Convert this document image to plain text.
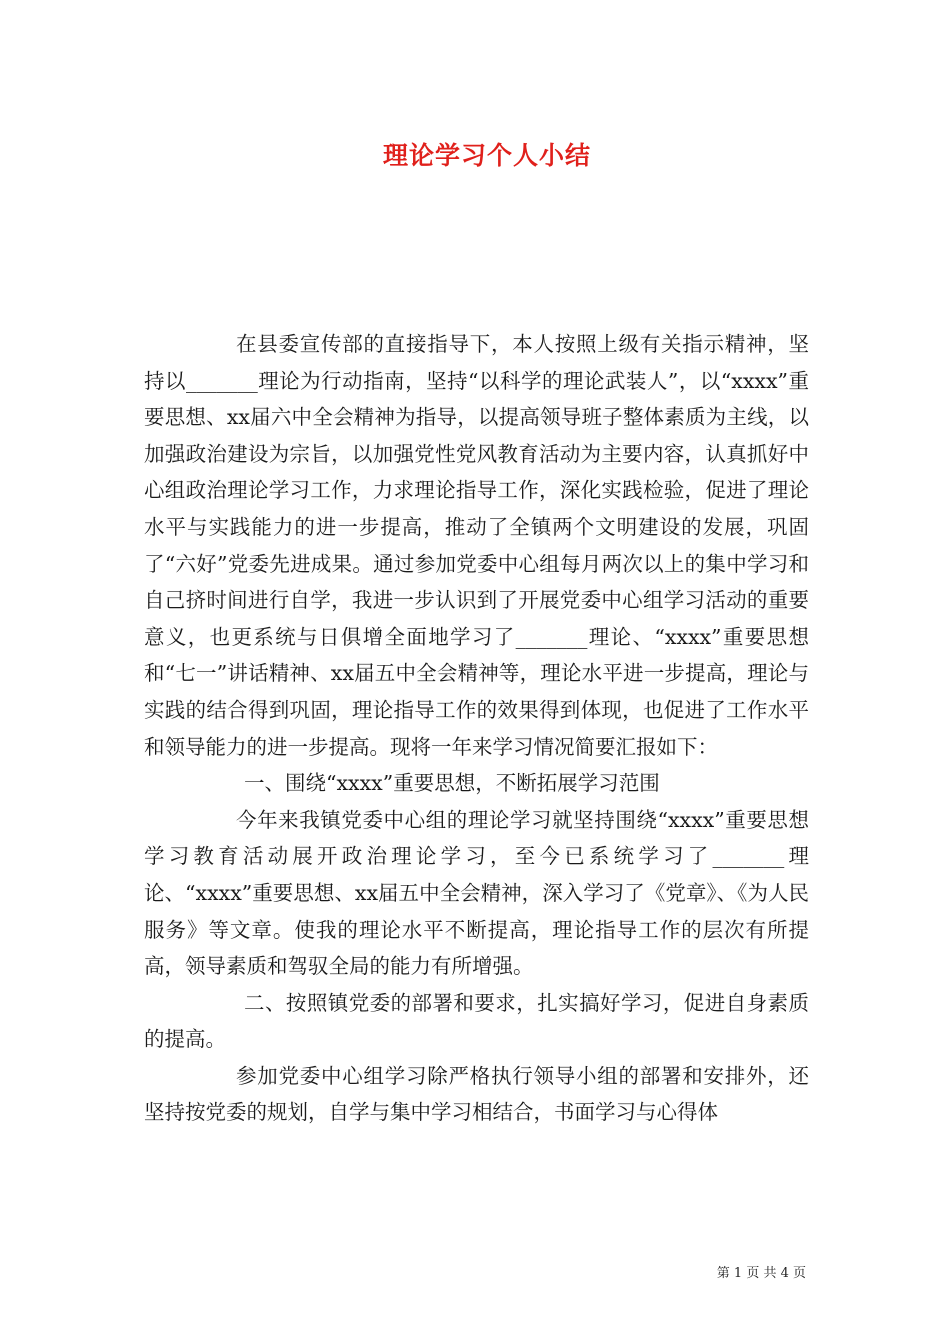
理论学习个人小结

在县委宣传部的直接指导下，本人按照上级有关指示精神，坚持以_______理论为行动指南，坚持“以科学的理论武装人”，以“xxxx”重要思想、xx届六中全会精神为指导，以提高领导班子整体素质为主线，以加强政治建设为宗旨，以加强党性党风教育活动为主要内容，认真抓好中心组政治理论学习工作，力求理论指导工作，深化实践检验，促进了理论水平与实践能力的进一步提高，推动了全镇两个文明建设的发展，巩固了“六好”党委先进成果。通过参加党委中心组每月两次以上的集中学习和自己挤时间进行自学，我进一步认识到了开展党委中心组学习活动的重要意义，也更系统与日俱增全面地学习了_______理论、“xxxx”重要思想和“七一”讲话精神、xx届五中全会精神等，理论水平进一步提高，理论与实践的结合得到巩固，理论指导工作的效果得到体现，也促进了工作水平和领导能力的进一步提高。现将一年来学习情况简要汇报如下：

一、围绕“xxxx”重要思想，不断拓展学习范围

今年来我镇党委中心组的理论学习就坚持围绕“xxxx”重要思想学习教育活动展开政治理论学习，至今已系统学习了_______理论、“xxxx”重要思想、xx届五中全会精神，深入学习了《党章》、《为人民服务》等文章。使我的理论水平不断提高，理论指导工作的层次有所提高，领导素质和驾驭全局的能力有所增强。

二、按照镇党委的部署和要求，扎实搞好学习，促进自身素质的提高。

参加党委中心组学习除严格执行领导小组的部署和安排外，还坚持按党委的规划，自学与集中学习相结合，书面学习与心得体

第 1 页 共 4 页
